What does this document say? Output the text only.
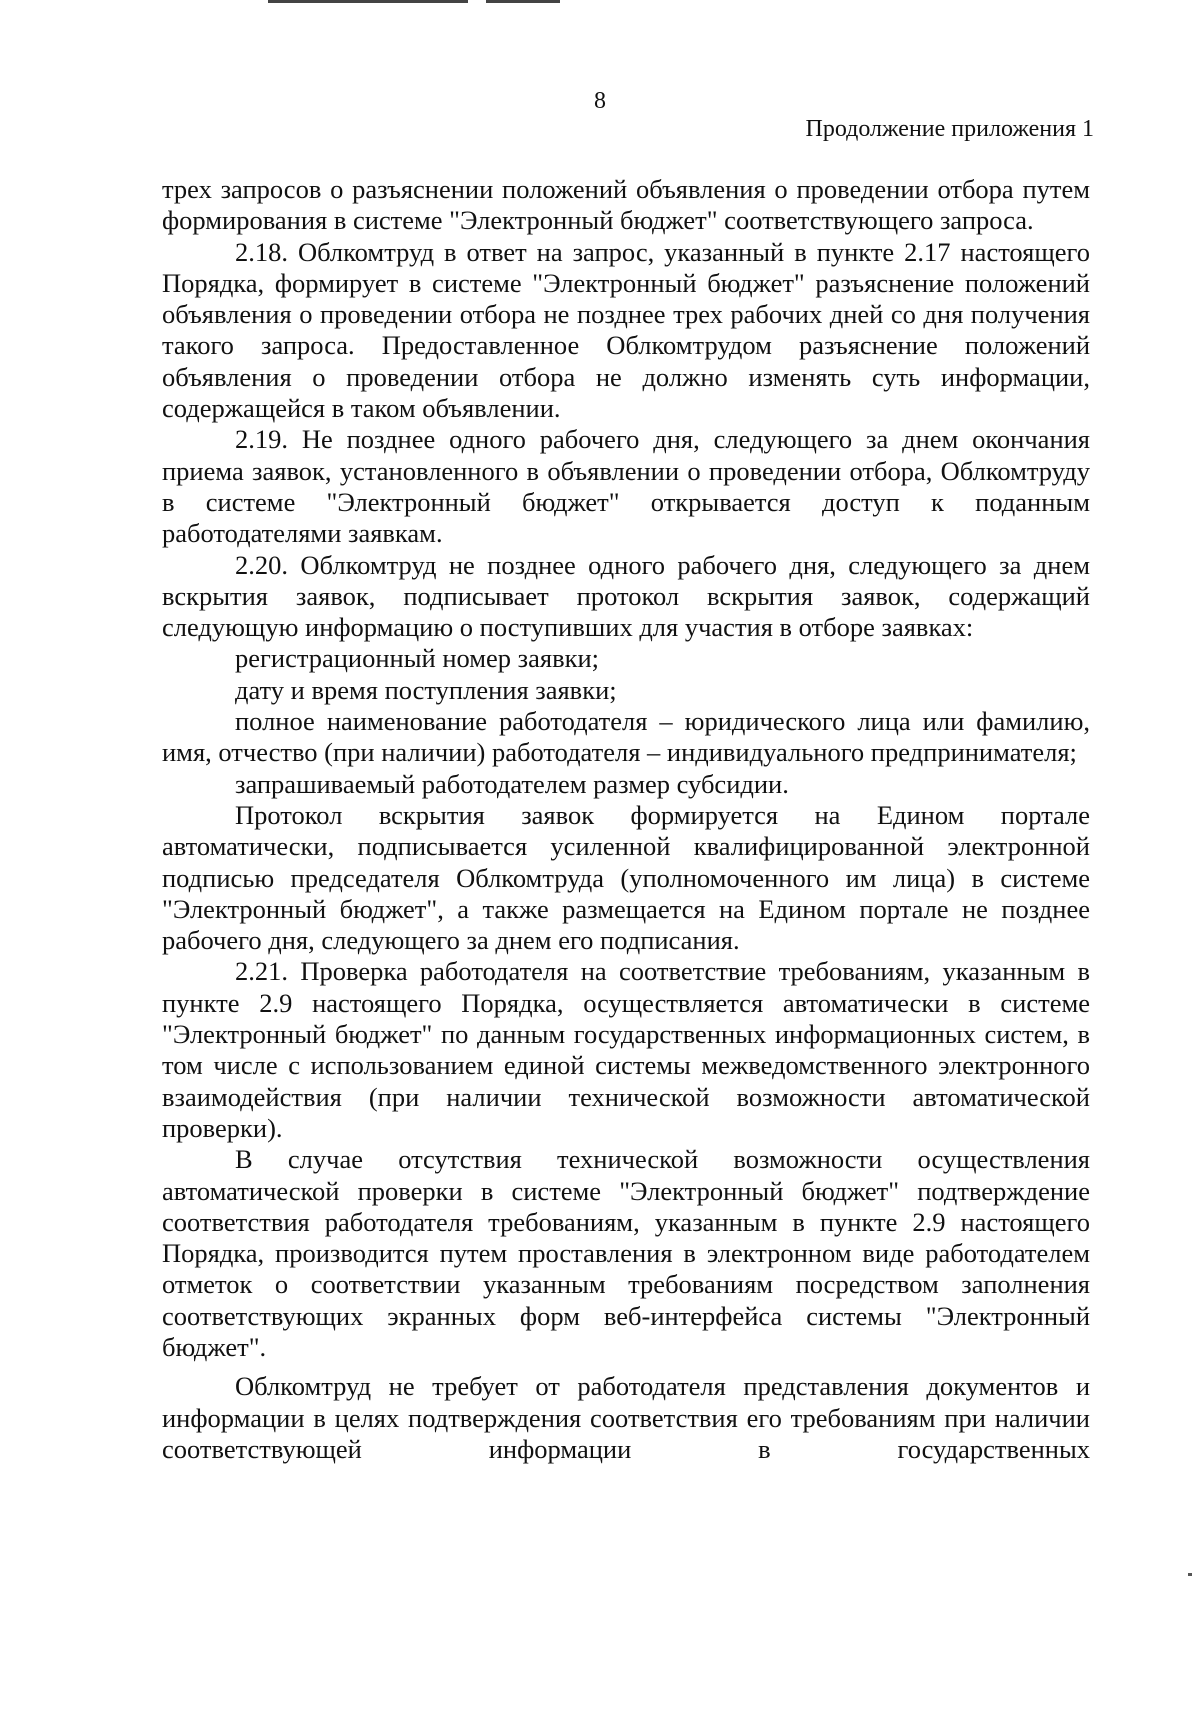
8
Продолжение приложения 1

трех запросов о разъяснении положений объявления о проведении отбора путем формирования в системе "Электронный бюджет" соответствующего запроса.

2.18. Облкомтруд в ответ на запрос, указанный в пункте 2.17 настоящего Порядка, формирует в системе "Электронный бюджет" разъяснение положений объявления о проведении отбора не позднее трех рабочих дней со дня получения такого запроса. Предоставленное Облкомтрудом разъяснение положений объявления о проведении отбора не должно изменять суть информации, содержащейся в таком объявлении.

2.19. Не позднее одного рабочего дня, следующего за днем окончания приема заявок, установленного в объявлении о проведении отбора, Облкомтруду в системе "Электронный бюджет" открывается доступ к поданным работодателями заявкам.

2.20. Облкомтруд не позднее одного рабочего дня, следующего за днем вскрытия заявок, подписывает протокол вскрытия заявок, содержащий следующую информацию о поступивших для участия в отборе заявках:

регистрационный номер заявки;

дату и время поступления заявки;

полное наименование работодателя – юридического лица или фамилию, имя, отчество (при наличии) работодателя – индивидуального предпринимателя;

запрашиваемый работодателем размер субсидии.

Протокол вскрытия заявок формируется на Едином портале автоматически, подписывается усиленной квалифицированной электронной подписью председателя Облкомтруда (уполномоченного им лица) в системе "Электронный бюджет", а также размещается на Едином портале не позднее рабочего дня, следующего за днем его подписания.

2.21. Проверка работодателя на соответствие требованиям, указанным в пункте 2.9 настоящего Порядка, осуществляется автоматически в системе "Электронный бюджет" по данным государственных информационных систем, в том числе с использованием единой системы межведомственного электронного взаимодействия (при наличии технической возможности автоматической проверки).

В случае отсутствия технической возможности осуществления автоматической проверки в системе "Электронный бюджет" подтверждение соответствия работодателя требованиям, указанным в пункте 2.9 настоящего Порядка, производится путем проставления в электронном виде работодателем отметок о соответствии указанным требованиям посредством заполнения соответствующих экранных форм веб-интерфейса системы "Электронный бюджет".

Облкомтруд не требует от работодателя представления документов и информации в целях подтверждения соответствия его требованиям при наличии соответствующей информации в государственных
